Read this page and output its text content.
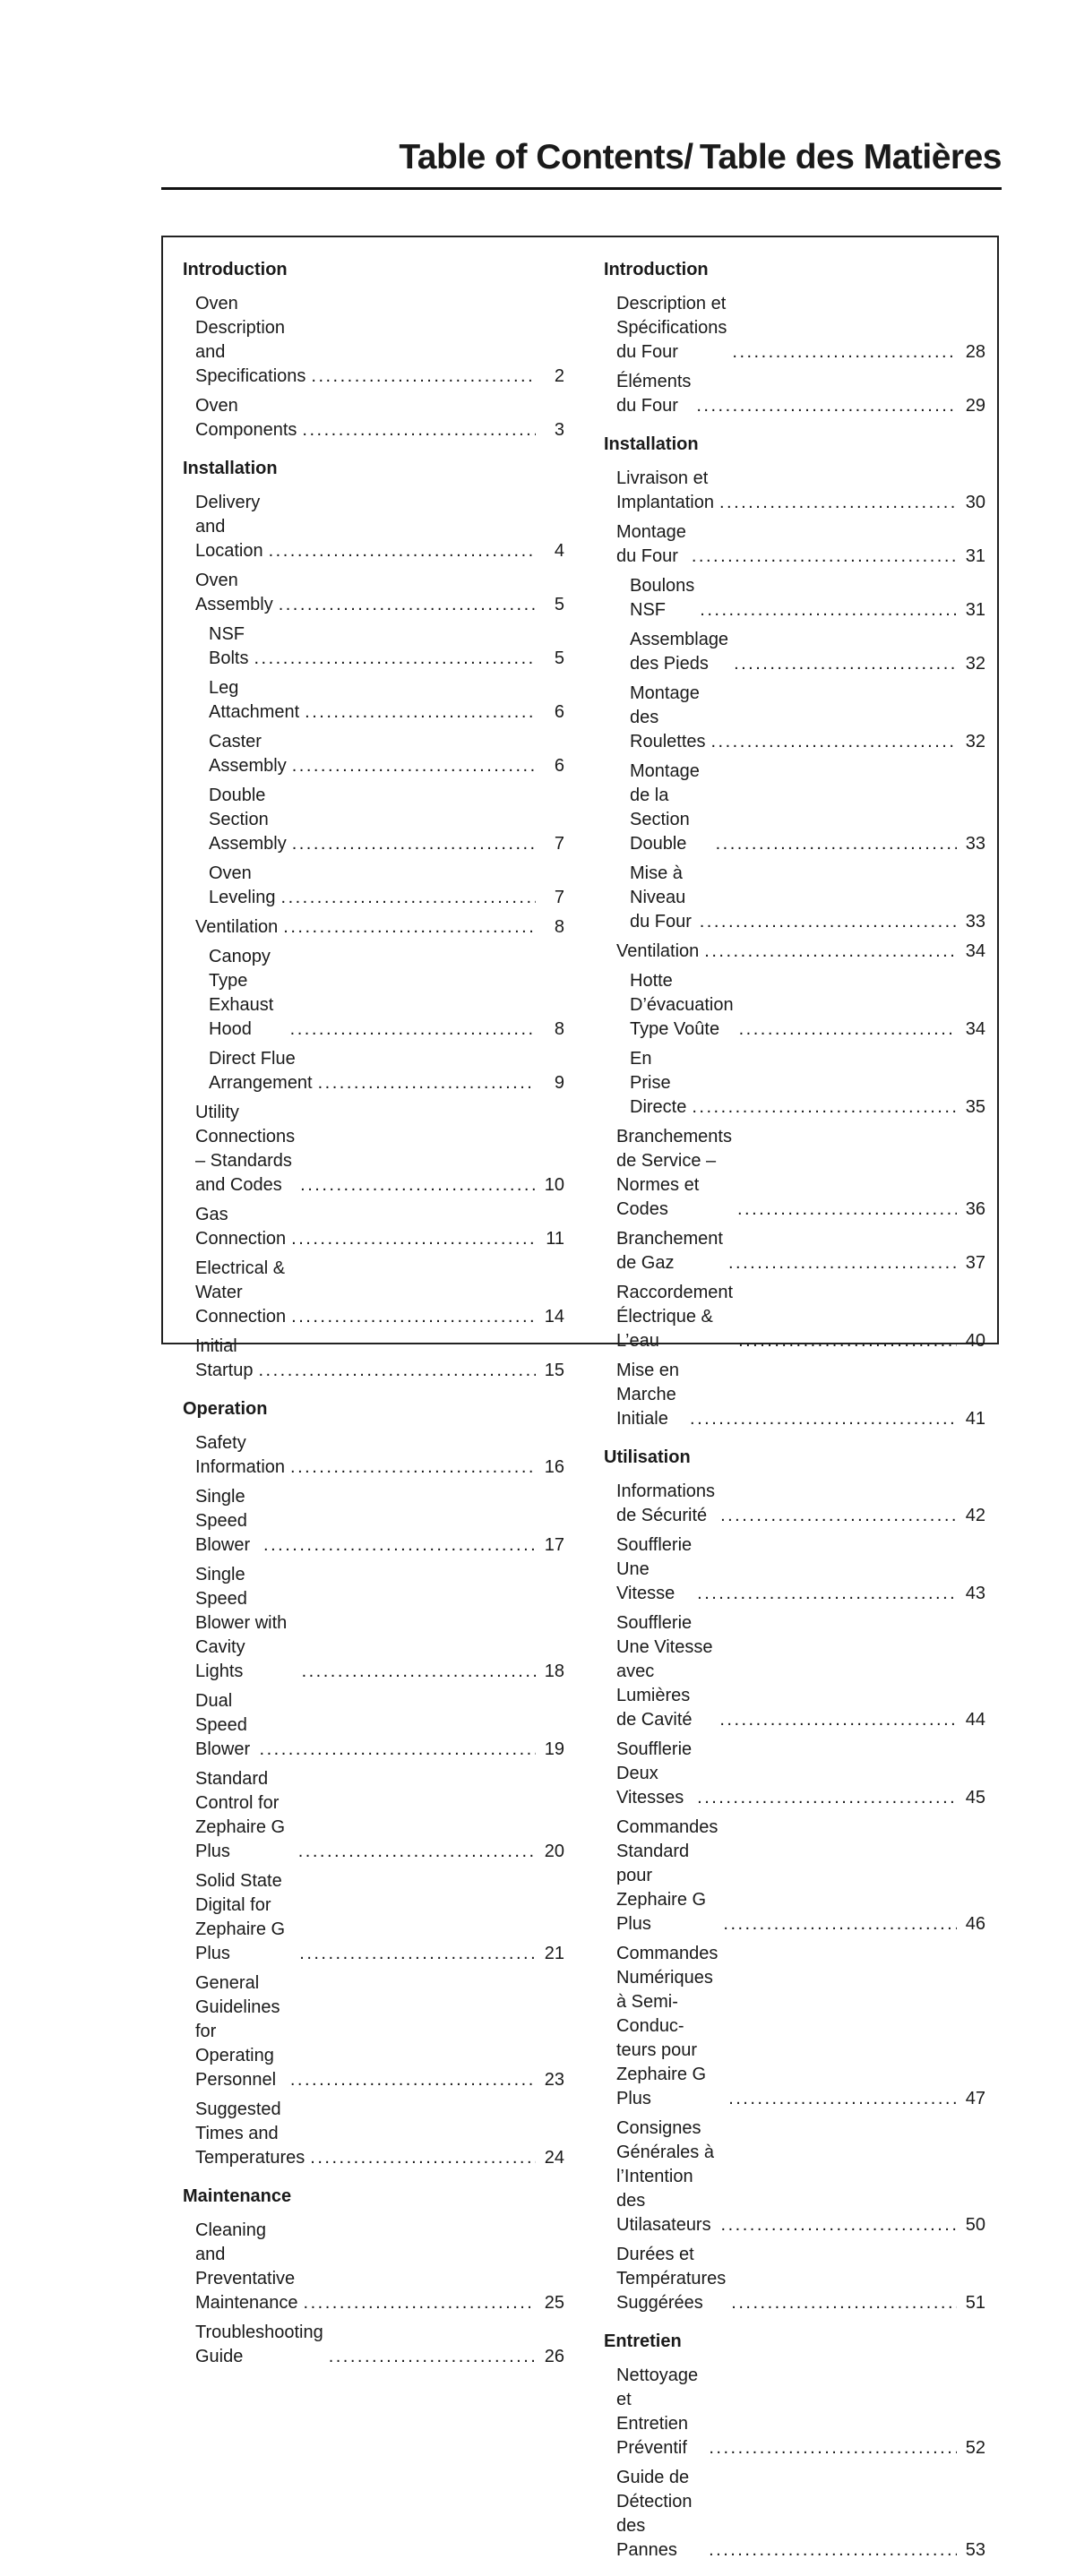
Table of Contents/ Table des Matières
Introduction
Oven Description and Specifications .....	2
Oven Components .....	3
Installation
Delivery and Location .....	4
Oven Assembly .....	5
NSF Bolts .....	5
Leg Attachment .....	6
Caster Assembly .....	6
Double Section Assembly .....	7
Oven Leveling .....	7
Ventilation .....	8
Canopy Type Exhaust Hood .....	8
Direct Flue Arrangement .....	9
Utility Connections – Standards
and Codes .....	10
Gas Connection .....	11
Electrical & Water Connection .....	14
Initial Startup .....	15
Operation
Safety Information .....	16
Single Speed Blower .....	17
Single Speed Blower with Cavity Lights .....	18
Dual Speed Blower .....	19
Standard Control for Zephaire G Plus .....	20
Solid State Digital for Zephaire G Plus .....	21
General Guidelines for Operating
Personnel .....	23
Suggested Times and Temperatures .....	24
Maintenance
Cleaning and Preventative Maintenance .....	25
Troubleshooting Guide .....	26
Introduction
Description et Spécifications du Four .....	28
Éléments du Four .....	29
Installation
Livraison et Implantation .....	30
Montage du Four .....	31
Boulons NSF .....	31
Assemblage des Pieds .....	32
Montage des Roulettes .....	32
Montage de la Section Double .....	33
Mise à Niveau du Four .....	33
Ventilation .....	34
Hotte D’évacuation Type Voûte .....	34
En Prise Directe .....	35
Branchements de Service – Normes et
Codes .....	36
Branchement de Gaz .....	37
Raccordement Électrique & L’eau .....	40
Mise en Marche Initiale .....	41
Utilisation
Informations de Sécurité .....	42
Soufflerie Une Vitesse .....	43
Soufflerie Une Vitesse avec Lumières
de Cavité .....	44
Soufflerie Deux Vitesses .....	45
Commandes Standard pour
Zephaire G Plus .....	46
Commandes Numériques à Semi-Conduc-
teurs pour Zephaire G Plus .....	47
Consignes Générales à l’Intention des
Utilasateurs .....	50
Durées et Températures Suggérées .....	51
Entretien
Nettoyage et Entretien Préventif .....	52
Guide de Détection des Pannes .....	53
